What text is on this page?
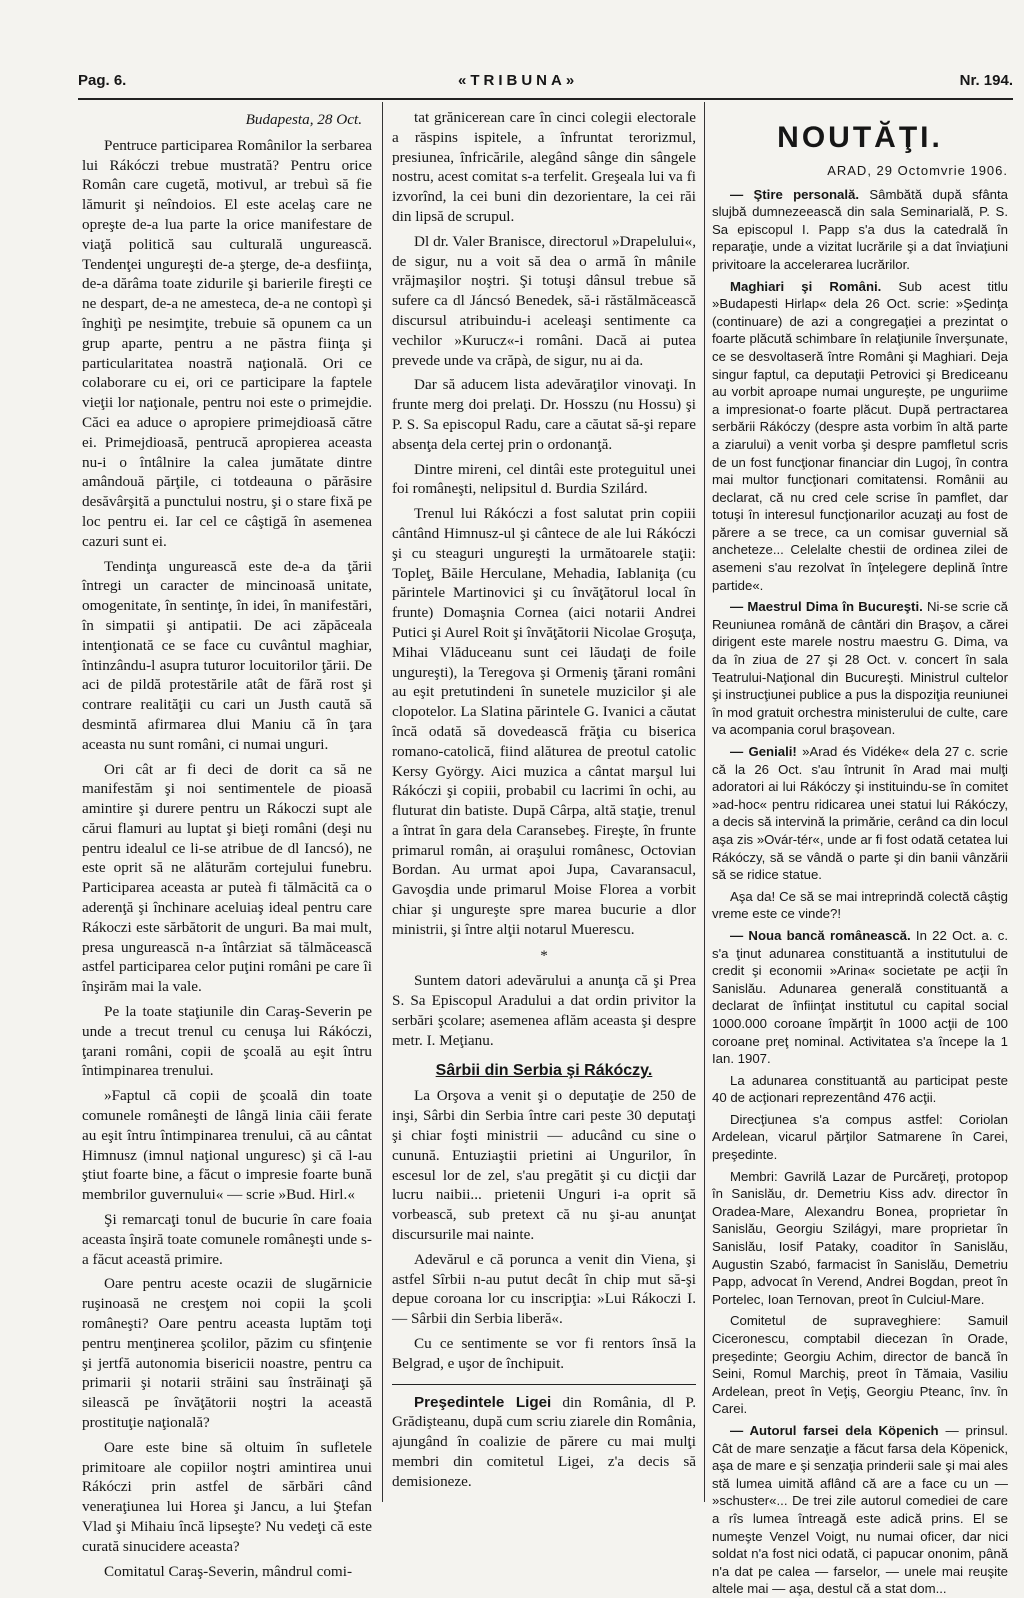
Pag. 6.	«TRIBUNA»	Nr. 194.

Budapesta, 28 Oct.

Pentruce participarea Românilor la serbarea lui Rákóczi trebue mustrată? Pentru orice Român care cugetă, motivul, ar trebuì să fie lămurit şi neîndoios. El este acelaş care ne opreşte de-a lua parte la orice manifestare de viaţă politică sau culturală ungurească. Tendenţei ungureşti de-a şterge, de-a desfiinţa, de-a dărâma toate zidurile şi barierile fireşti ce ne despart, de-a ne amesteca, de-a ne contopì şi înghiţì pe nesimţite, trebuie să opunem ca un grup aparte, pentru a ne păstra fiinţa şi particularitatea noastră naţională. Ori ce colaborare cu ei, ori ce participare la faptele vieţii lor naţionale, pentru noi este o primejdie. Căci ea aduce o apropiere primejdioasă către ei. Primejdioasă, pentrucă apropierea aceasta nu-i o întâlnire la calea jumătate dintre amândouă părţile, ci totdeauna o părăsire desăvârşită a punctului nostru, şi o stare fixă pe loc pentru ei. Iar cel ce câştigă în asemenea cazuri sunt ei.

Tendinţa ungurească este de-a da ţării întregi un caracter de mincinoasă unitate, omogenitate, în sentinţe, în idei, în manifestări, în simpatii şi antipatii. De aci zăpăceala intenţionată ce se face cu cuvântul maghiar, întinzându-l asupra tuturor locuitorilor ţării. De aci de pildă protestările atât de fără rost şi contrare realităţii cu cari un Justh caută să desmintă afirmarea dlui Maniu că în ţara aceasta nu sunt români, ci numai unguri.

Ori cât ar fi deci de dorit ca să ne manifestăm şi noi sentimentele de pioasă amintire şi durere pentru un Rákoczi supt ale cărui flamuri au luptat şi bieţi români (deşi nu pentru idealul ce li-se atribue de dl Iancsó), ne este oprit să ne alăturăm cortejului funebru. Participarea aceasta ar puteà fi tălmăcită ca o aderenţă şi închinare aceluiaş ideal pentru care Rákoczi este sărbătorit de unguri. Ba mai mult, presa ungurească n-a întârziat să tălmăcească astfel participarea celor puţini români pe care îi înşirăm mai la vale.

Pe la toate staţiunile din Caraş-Severin pe unde a trecut trenul cu cenuşa lui Rákóczi, ţarani români, copii de şcoală au eşit întru întimpinarea trenului.

»Faptul că copii de şcoală din toate comunele româneşti de lângă linia căii ferate au eşit întru întimpinarea trenului, că au cântat Himnusz (imnul naţional unguresc) şi că l-au ştiut foarte bine, a făcut o impresie foarte bună membrilor guvernului« — scrie »Bud. Hirl.«

Şi remarcaţi tonul de bucurie în care foaia aceasta înşiră toate comunele româneşti unde s-a făcut această primire.

Oare pentru aceste ocazii de slugărnicie ruşinoasă ne cresţem noi copii la şcoli româneşti? Oare pentru aceasta luptăm toţi pentru menţinerea şcolilor, păzim cu sfinţenie şi jertfă autonomia bisericii noastre, pentru ca primarii şi notarii străini sau înstrăinaţi şă silească pe învăţătorii noştri la această prostituţie naţională?

Oare este bine să oltuim în sufletele primitoare ale copiilor noştri amintirea unui Rákóczi prin astfel de sărbări când veneraţiunea lui Horea şi Jancu, a lui Ştefan Vlad şi Mihaiu încă lipseşte? Nu vedeţi că este curată sinucidere aceasta?

Comitatul Caraş-Severin, mândrul comi-

tat grănicerean care în cinci colegii electorale a răspins ispitele, a înfruntat terorizmul, presiunea, înfricările, alegând sânge din sângele nostru, acest comitat s-a terfelit. Greşeala lui va fi izvorînd, la cei buni din dezorientare, la cei răi din lipsă de scrupul.

Dl dr. Valer Branisce, directorul »Drapelului«, de sigur, nu a voit să dea o armă în mânile vrăjmaşilor noştri. Şi totuşi dânsul trebue să sufere ca dl Jáncsó Benedek, să-i răstălmăcească discursul atribuindu-i aceleaşi sentimente ca vechilor »Kurucz«-i români. Dacă ai putea prevede unde va crăpà, de sigur, nu ai da.

Dar să aducem lista adevăraţilor vinovaţi. In frunte merg doi prelaţi. Dr. Hosszu (nu Hossu) şi P. S. Sa episcopul Radu, care a căutat să-şi repare absenţa dela certej prin o ordonanţă.

Dintre mireni, cel dintâi este proteguitul unei foi româneşti, nelipsitul d. Burdia Szilárd.

Trenul lui Rákóczi a fost salutat prin copiii cântând Himnusz-ul şi cântece de ale lui Rákóczi şi cu steaguri ungureşti la următoarele staţii: Topleţ, Băile Herculane, Mehadia, Iablaniţa (cu părintele Martinovici şi cu învăţătorul local în frunte) Domaşnia Cornea (aici notarii Andrei Putici şi Aurel Roit şi învăţătorii Nicolae Groşuţa, Mihai Vlăduceanu sunt cei lăudaţi de foile ungureşti), la Teregova şi Ormeniş ţărani români au eşit pretutindeni în sunetele muzicilor şi ale clopotelor. La Slatina părintele G. Ivanici a căutat încă odată să dovedească frăţia cu biserica romano-catolică, fiind alăturea de preotul catolic Kersy György. Aici muzica a cântat marşul lui Rákóczi şi copiii, probabil cu lacrimi în ochi, au fluturat din batiste. După Cârpa, altă staţie, trenul a întrat în gara dela Caransebeş. Fireşte, în frunte primarul român, ai oraşului românesc, Octovian Bordan. Au urmat apoi Jupa, Cavaransacul, Gavoşdia unde primarul Moise Florea a vorbit chiar şi ungureşte spre marea bucurie a dlor ministrii, şi între alţii notarul Muerescu.

*

Suntem datori adevărului a anunţa că şi Prea S. Sa Episcopul Aradului a dat ordin privitor la serbări şcolare; asemenea aflăm aceasta şi despre metr. I. Meţianu.

Sârbii din Serbia şi Rákóczy.

La Orşova a venit şi o deputaţie de 250 de inşi, Sârbi din Serbia între cari peste 30 deputaţi şi chiar foşti ministrii — aducând cu sine o cunună. Entuziaştii prietini ai Ungurilor, în escesul lor de zel, s'au pregătit şi cu dicţii dar lucru naibii... prietenii Unguri i-a oprit să vorbească, sub pretext că nu şi-au anunţat discursurile mai nainte.

Adevărul e că porunca a venit din Viena, şi astfel Sîrbii n-au putut decât în chip mut să-şi depue coroana lor cu inscripţia: »Lui Rákoczi I. — Sârbii din Serbia liberă«.

Cu ce sentimente se vor fi rentors însă la Belgrad, e uşor de închipuit.

Preşedintele Ligei din România, dl P. Grădişteanu, după cum scriu ziarele din România, ajungând în coalizie de părere cu mai mulţi membri din comitetul Ligei, z'a decis să demisioneze.

NOUTĂŢI.
ARAD, 29 Octomvrie 1906.

— Ştire personală. Sâmbătă după sfânta slujbă dumnezeească din sala Seminarială, P. S. Sa episcopul I. Papp s'a dus la catedrală în reparaţie, unde a vizitat lucrările şi a dat înviaţiuni privitoare la accelerarea lucrărilor.

Maghiari şi Români. Sub acest titlu »Budapesti Hirlap« dela 26 Oct. scrie: »Şedinţa (continuare) de azi a congregaţiei a prezintat o foarte plăcută schimbare în relaţiunile înverşunate, ce se desvoltaseră între Români şi Maghiari. Deja singur faptul, ca deputaţii Petrovici şi Brediceanu au vorbit aproape numai ungureşte, pe unguriime a impresionat-o foarte plăcut. După pertractarea serbării Rákóczy (despre asta vorbim în altă parte a ziarului) a venit vorba şi despre pamfletul scris de un fost funcţionar financiar din Lugoj, în contra mai multor funcţionari comitatensi. Românii au declarat, că nu cred cele scrise în pamflet, dar totuşi în interesul funcţionarilor acuzaţi au fost de părere a se trece, ca un comisar guvernial să ancheteze... Celelalte chestii de ordinea zilei de asemeni s'au rezolvat în înţelegere deplină între partide«.

— Maestrul Dima în Bucureşti. Ni-se scrie că Reuniunea română de cântări din Braşov, a cărei dirigent este marele nostru maestru G. Dima, va da în ziua de 27 şi 28 Oct. v. concert în sala Teatrului-Naţional din Bucureşti. Ministrul cultelor şi instrucţiunei publice a pus la dispoziţia reuniunei în mod gratuit orchestra ministerului de culte, care va acompania corul braşovean.

— Geniali! »Arad és Vidéke« dela 27 c. scrie că la 26 Oct. s'au întrunit în Arad mai mulţi adoratori ai lui Rákóczy şi instituindu-se în comitet »ad-hoc« pentru ridicarea unei statui lui Rákóczy, a decis să intervină la primărie, cerând ca din locul aşa zis »Ovár-tér«, unde ar fi fost odată cetatea lui Rákóczy, să se vândă o parte şi din banii vânzării să se ridice statue.

Aşa da! Ce să se mai intreprindă colectă câştig vreme este ce vinde?!

— Noua bancă românească. In 22 Oct. a. c. s'a ţinut adunarea constituantă a institutului de credit şi economii »Arina« societate pe acţii în Sanislău. Adunarea generală constituantă a declarat de înfiinţat institutul cu capital social 1000.000 coroane împărţit în 1000 acţii de 100 coroane preţ nominal. Activitatea s'a începe la 1 Ian. 1907.

La adunarea constituantă au participat peste 40 de acţionari reprezentând 476 acţii.

Direcţiunea s'a compus astfel: Coriolan Ardelean, vicarul părţilor Satmarene în Carei, preşedinte.

Membri: Gavrilă Lazar de Purcăreţi, protopop în Sanislău, dr. Demetriu Kiss adv. director în Oradea-Mare, Alexandru Bonea, proprietar în Sanislău, Georgiu Szilágyi, mare proprietar în Sanislău, Iosif Pataky, coaditor în Sanislău, Augustin Szabó, farmacist în Sanislău, Demetriu Papp, advocat în Verend, Andrei Bogdan, preot în Portelec, Ioan Ternovan, preot în Culciul-Mare.

Comitetul de supraveghiere: Samuil Ciceronescu, comptabil diecezan în Orade, preşedinte; Georgiu Achim, director de bancă în Seini, Romul Marchiş, preot în Tămaia, Vasiliu Ardelean, preot în Veţiş, Georgiu Pteanc, înv. în Carei.

— Autorul farsei dela Köpenich — prinsul. Cât de mare senzaţie a făcut farsa dela Köpenick, aşa de mare e şi senzaţia prinderii sale şi mai ales stă lumea uimită aflând că are a face cu un — »schuster«... De trei zile autorul comediei de care a rîs lumea întreagă este adică prins. El se numeşte Venzel Voigt, nu numai oficer, dar nici soldat n'a fost nici odată, ci papucar ononim, până n'a dat pe calea — farselor, — unele mai reuşite altele mai — aşa, destul că a stat dom...
